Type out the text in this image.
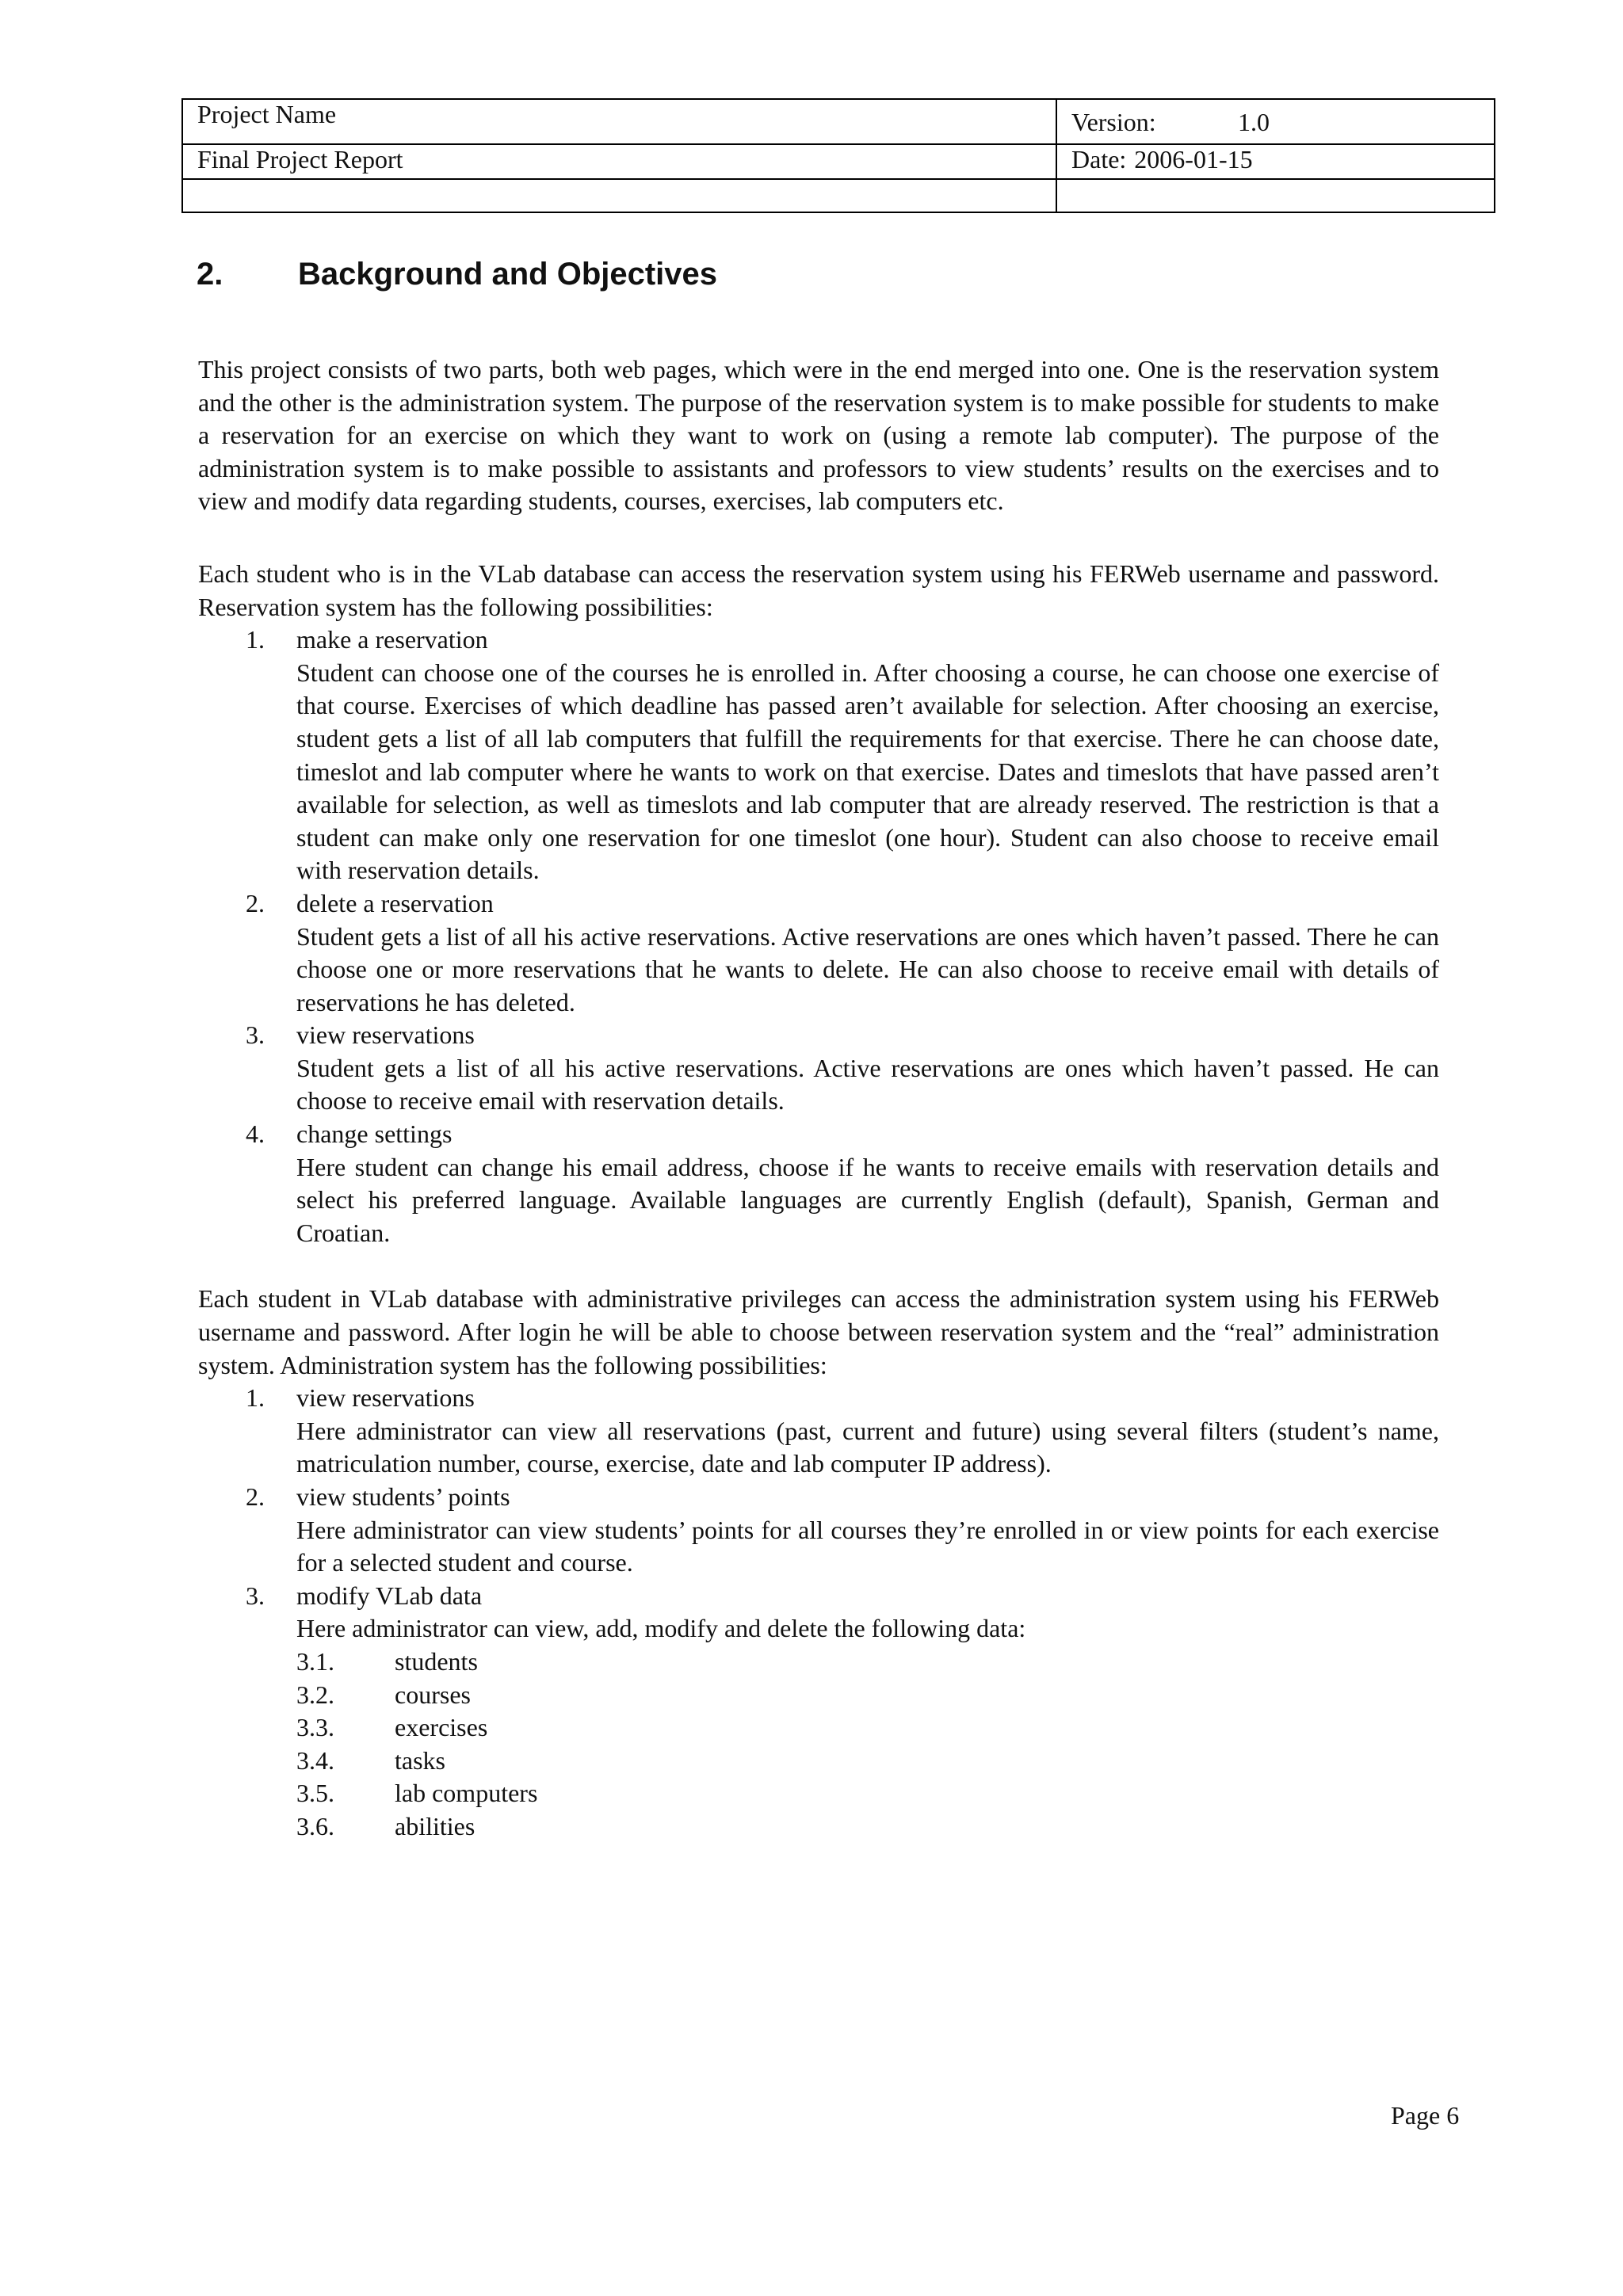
Project Name	Version: 1.0
Final Project Report	Date: 2006-01-15

2. Background and Objectives

This project consists of two parts, both web pages, which were in the end merged into one. One is the reservation system and the other is the administration system. The purpose of the reservation system is to make possible for students to make a reservation for an exercise on which they want to work on (using a remote lab computer). The purpose of the administration system is to make possible to assistants and professors to view students’ results on the exercises and to view and modify data regarding students, courses, exercises, lab computers etc.

Each student who is in the VLab database can access the reservation system using his FERWeb username and password. Reservation system has the following possibilities:

1. make a reservation
Student can choose one of the courses he is enrolled in. After choosing a course, he can choose one exercise of that course. Exercises of which deadline has passed aren’t available for selection. After choosing an exercise, student gets a list of all lab computers that fulfill the requirements for that exercise. There he can choose date, timeslot and lab computer where he wants to work on that exercise. Dates and timeslots that have passed aren’t available for selection, as well as timeslots and lab computer that are already reserved. The restriction is that a student can make only one reservation for one timeslot (one hour). Student can also choose to receive email with reservation details.
2. delete a reservation
Student gets a list of all his active reservations. Active reservations are ones which haven’t passed. There he can choose one or more reservations that he wants to delete. He can also choose to receive email with details of reservations he has deleted.
3. view reservations
Student gets a list of all his active reservations. Active reservations are ones which haven’t passed. He can choose to receive email with reservation details.
4. change settings
Here student can change his email address, choose if he wants to receive emails with reservation details and select his preferred language. Available languages are currently English (default), Spanish, German and Croatian.

Each student in VLab database with administrative privileges can access the administration system using his FERWeb username and password. After login he will be able to choose between reservation system and the “real” administration system. Administration system has the following possibilities:

1. view reservations
Here administrator can view all reservations (past, current and future) using several filters (student’s name, matriculation number, course, exercise, date and lab computer IP address).
2. view students’ points
Here administrator can view students’ points for all courses they’re enrolled in or view points for each exercise for a selected student and course.
3. modify VLab data
Here administrator can view, add, modify and delete the following data:
3.1. students
3.2. courses
3.3. exercises
3.4. tasks
3.5. lab computers
3.6. abilities
Page 6
